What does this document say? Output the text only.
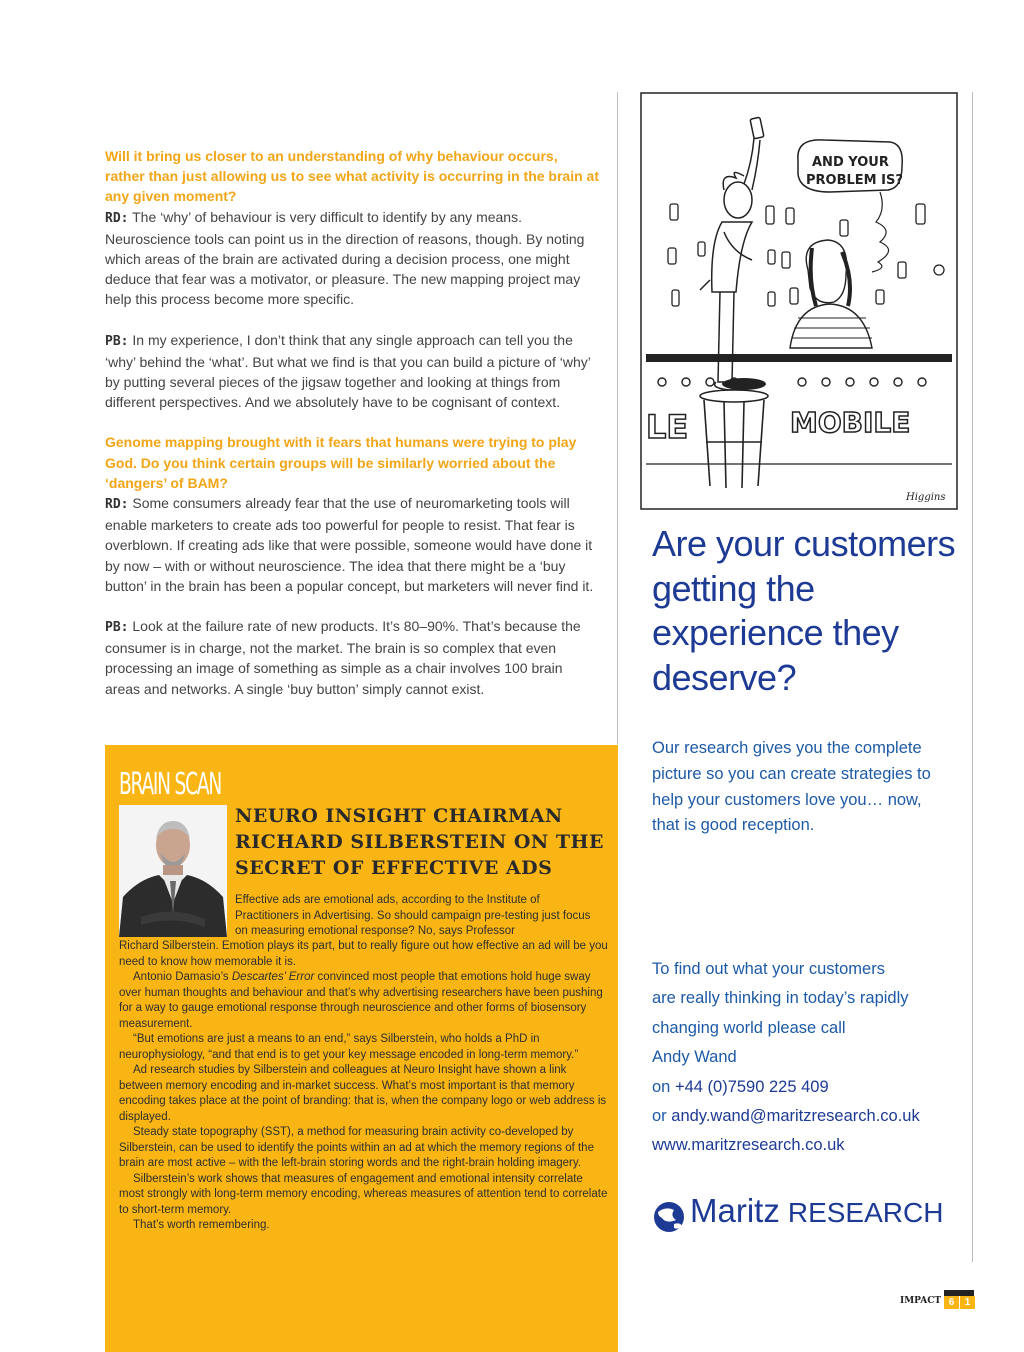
Will it bring us closer to an understanding of why behaviour occurs, rather than just allowing us to see what activity is occurring in the brain at any given moment?

RD: The ‘why’ of behaviour is very difficult to identify by any means. Neuroscience tools can point us in the direction of reasons, though. By noting which areas of the brain are activated during a decision process, one might deduce that fear was a motivator, or pleasure. The new mapping project may help this process become more specific.

PB: In my experience, I don’t think that any single approach can tell you the ‘why’ behind the ‘what’. But what we find is that you can build a picture of ‘why’ by putting several pieces of the jigsaw together and looking at things from different perspectives. And we absolutely have to be cognisant of context.

Genome mapping brought with it fears that humans were trying to play God. Do you think certain groups will be similarly worried about the ‘dangers’ of BAM?

RD: Some consumers already fear that the use of neuromarketing tools will enable marketers to create ads too powerful for people to resist. That fear is overblown. If creating ads like that were possible, someone would have done it by now – with or without neuroscience. The idea that there might be a ‘buy button’ in the brain has been a popular concept, but marketers will never find it.

PB: Look at the failure rate of new products. It’s 80–90%. That’s because the consumer is in charge, not the market. The brain is so complex that even processing an image of something as simple as a chair involves 100 brain areas and networks. A single ‘buy button’ simply cannot exist.

BRAIN SCAN
NEURO INSIGHT CHAIRMAN RICHARD SILBERSTEIN ON THE SECRET OF EFFECTIVE ADS
Effective ads are emotional ads, according to the Institute of Practitioners in Advertising. So should campaign pre-testing just focus on measuring emotional response? No, says Professor

Richard Silberstein. Emotion plays its part, but to really figure out how effective an ad will be you need to know how memorable it is.

Antonio Damasio’s Descartes’ Error convinced most people that emotions hold huge sway over human thoughts and behaviour and that’s why advertising researchers have been pushing for a way to gauge emotional response through neuroscience and other forms of biosensory measurement.

“But emotions are just a means to an end,” says Silberstein, who holds a PhD in neurophysiology, “and that end is to get your key message encoded in long-term memory.”

Ad research studies by Silberstein and colleagues at Neuro Insight have shown a link between memory encoding and in-market success. What’s most important is that memory encoding takes place at the point of branding: that is, when the company logo or web address is displayed.

Steady state topography (SST), a method for measuring brain activity co-developed by Silberstein, can be used to identify the points within an ad at which the memory regions of the brain are most active – with the left-brain storing words and the right-brain holding imagery.

Silberstein’s work shows that measures of engagement and emotional intensity correlate most strongly with long-term memory encoding, whereas measures of attention tend to correlate to short-term memory.

That’s worth remembering.

AND YOUR PROBLEM IS?
LE	MOBILE
Higgins
Are your customers getting the experience they deserve?
Our research gives you the complete picture so you can create strategies to help your customers love you… now, that is good reception.
To find out what your customers
are really thinking in today’s rapidly
changing world please call
Andy Wand
on +44 (0)7590 225 409
or andy.wand@maritzresearch.co.uk
www.maritzresearch.co.uk
Maritz RESEARCH
IMPACT 6	1
